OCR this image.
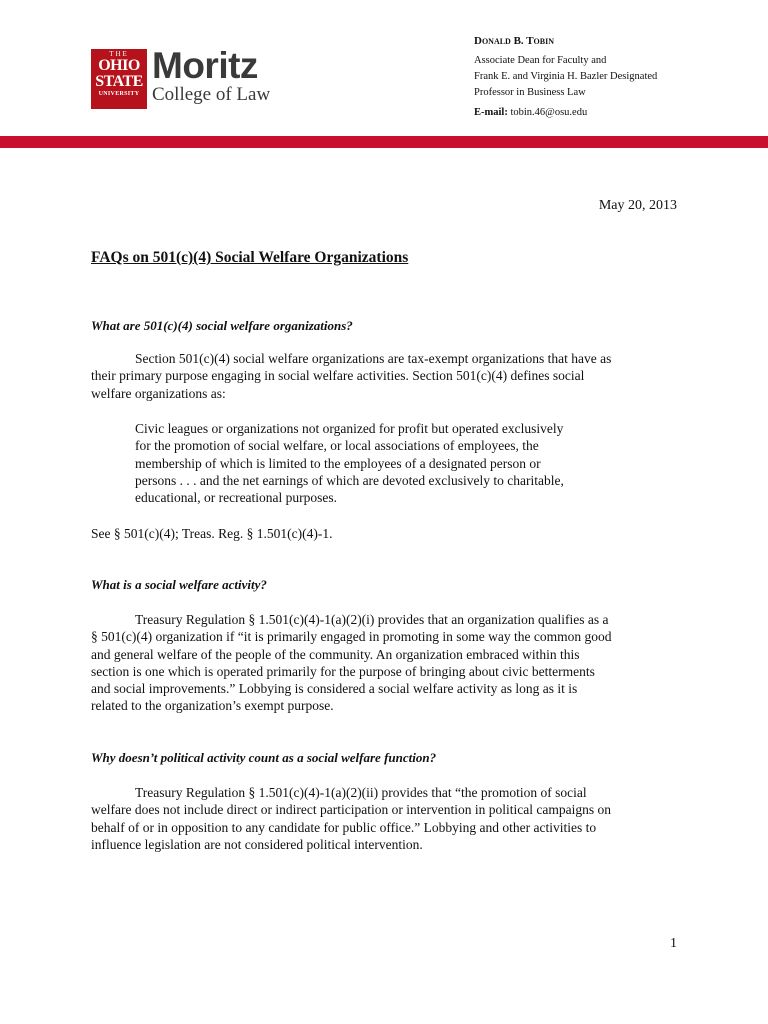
THE
OHIO
STATE
UNIVERSITY
Moritz
College of Law
Donald B. Tobin
Associate Dean for Faculty and
Frank E. and Virginia H. Bazler Designated
Professor in Business Law
E-mail: tobin.46@osu.edu
May 20, 2013
FAQs on 501(c)(4) Social Welfare Organizations
What are 501(c)(4) social welfare organizations?
Section 501(c)(4) social welfare organizations are tax-exempt organizations that have as
their primary purpose engaging in social welfare activities. Section 501(c)(4) defines social
welfare organizations as:
Civic leagues or organizations not organized for profit but operated exclusively
for the promotion of social welfare, or local associations of employees, the
membership of which is limited to the employees of a designated person or
persons . . . and the net earnings of which are devoted exclusively to charitable,
educational, or recreational purposes.
See § 501(c)(4); Treas. Reg. § 1.501(c)(4)-1.
What is a social welfare activity?
Treasury Regulation § 1.501(c)(4)-1(a)(2)(i) provides that an organization qualifies as a
§ 501(c)(4) organization if “it is primarily engaged in promoting in some way the common good
and general welfare of the people of the community. An organization embraced within this
section is one which is operated primarily for the purpose of bringing about civic betterments
and social improvements.” Lobbying is considered a social welfare activity as long as it is
related to the organization’s exempt purpose.
Why doesn’t political activity count as a social welfare function?
Treasury Regulation § 1.501(c)(4)-1(a)(2)(ii) provides that “the promotion of social
welfare does not include direct or indirect participation or intervention in political campaigns on
behalf of or in opposition to any candidate for public office.” Lobbying and other activities to
influence legislation are not considered political intervention.
1
